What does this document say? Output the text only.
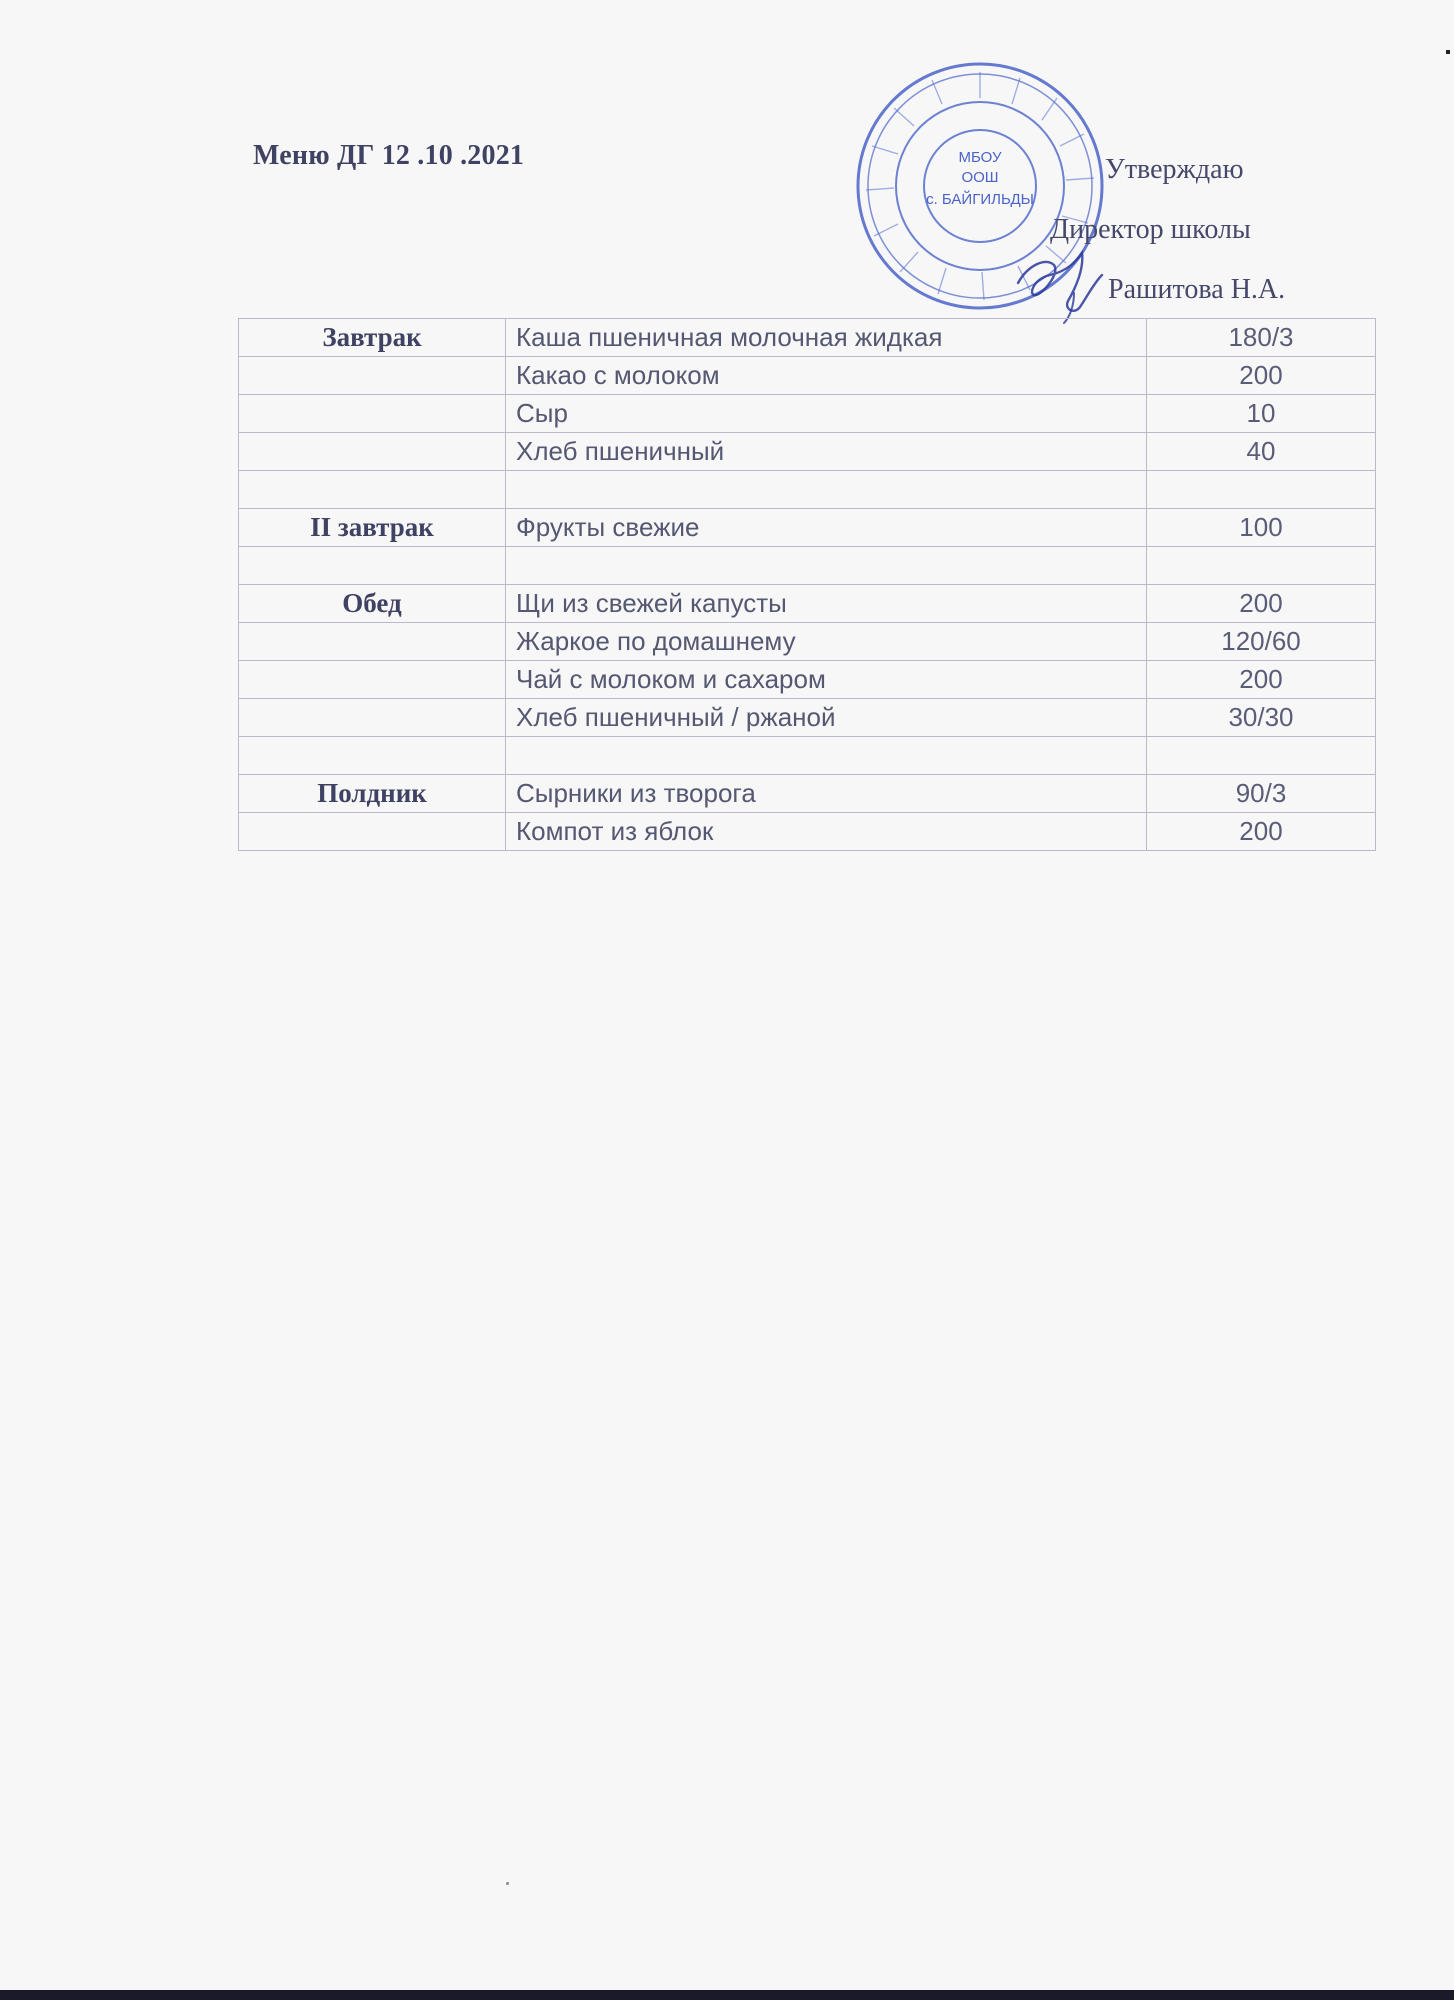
Меню ДГ 12 .10 .2021	МБОУ
ООШ
с. БАЙГИЛЬДЫ
Утверждаю
Директор школы
Рашитова Н.А.
Завтрак	Каша пшеничная молочная жидкая	180/3
	Какао с молоком	200
	Сыр	10
	Хлеб пшеничный	40

II завтрак	Фрукты свежие	100

Обед	Щи из свежей капусты	200
	Жаркое по домашнему	120/60
	Чай с молоком и сахаром	200
	Хлеб пшеничный / ржаной	30/30

Полдник	Сырники из творога	90/3
	Компот из яблок	200
